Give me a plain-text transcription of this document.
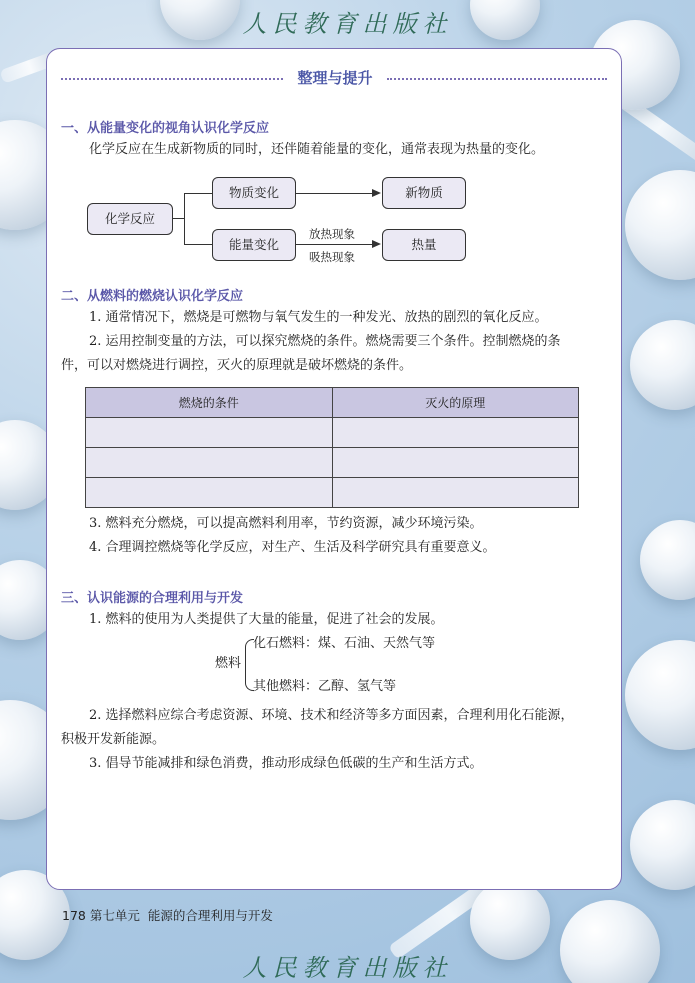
人民教育出版社
整理与提升
一、从能量变化的视角认识化学反应
化学反应在生成新物质的同时，还伴随着能量的变化，通常表现为热量的变化。
化学反应
物质变化
能量变化
新物质
放热现象
吸热现象
热量
二、从燃料的燃烧认识化学反应
1. 通常情况下，燃烧是可燃物与氧气发生的一种发光、放热的剧烈的氧化反应。
2. 运用控制变量的方法，可以探究燃烧的条件。燃烧需要三个条件。控制燃烧的条
件，可以对燃烧进行调控，灭火的原理就是破坏燃烧的条件。
燃烧的条件	灭火的原理

3. 燃料充分燃烧，可以提高燃料利用率，节约资源，减少环境污染。
4. 合理调控燃烧等化学反应，对生产、生活及科学研究具有重要意义。
三、认识能源的合理利用与开发
1. 燃料的使用为人类提供了大量的能量，促进了社会的发展。
燃料
化石燃料：煤、石油、天然气等
其他燃料：乙醇、氢气等
2. 选择燃料应综合考虑资源、环境、技术和经济等多方面因素，合理利用化石能源，
积极开发新能源。
3. 倡导节能减排和绿色消费，推动形成绿色低碳的生产和生活方式。
178 第七单元 能源的合理利用与开发
人民教育出版社
